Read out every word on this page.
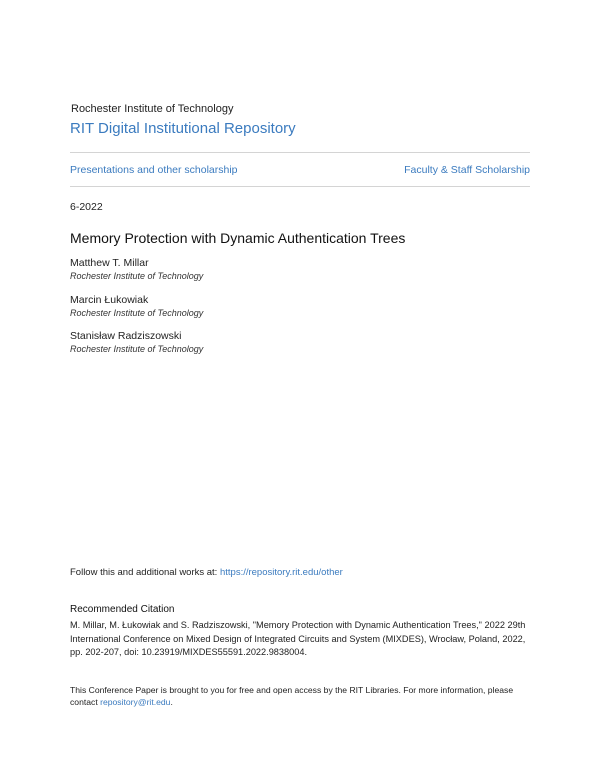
Rochester Institute of Technology
RIT Digital Institutional Repository
Presentations and other scholarship	Faculty & Staff Scholarship
6-2022
Memory Protection with Dynamic Authentication Trees
Matthew T. Millar
Rochester Institute of Technology
Marcin Łukowiak
Rochester Institute of Technology
Stanisław Radziszowski
Rochester Institute of Technology
Follow this and additional works at: https://repository.rit.edu/other
Recommended Citation
M. Millar, M. Łukowiak and S. Radziszowski, "Memory Protection with Dynamic Authentication Trees," 2022 29th International Conference on Mixed Design of Integrated Circuits and System (MIXDES), Wrocław, Poland, 2022, pp. 202-207, doi: 10.23919/MIXDES55591.2022.9838004.
This Conference Paper is brought to you for free and open access by the RIT Libraries. For more information, please contact repository@rit.edu.
